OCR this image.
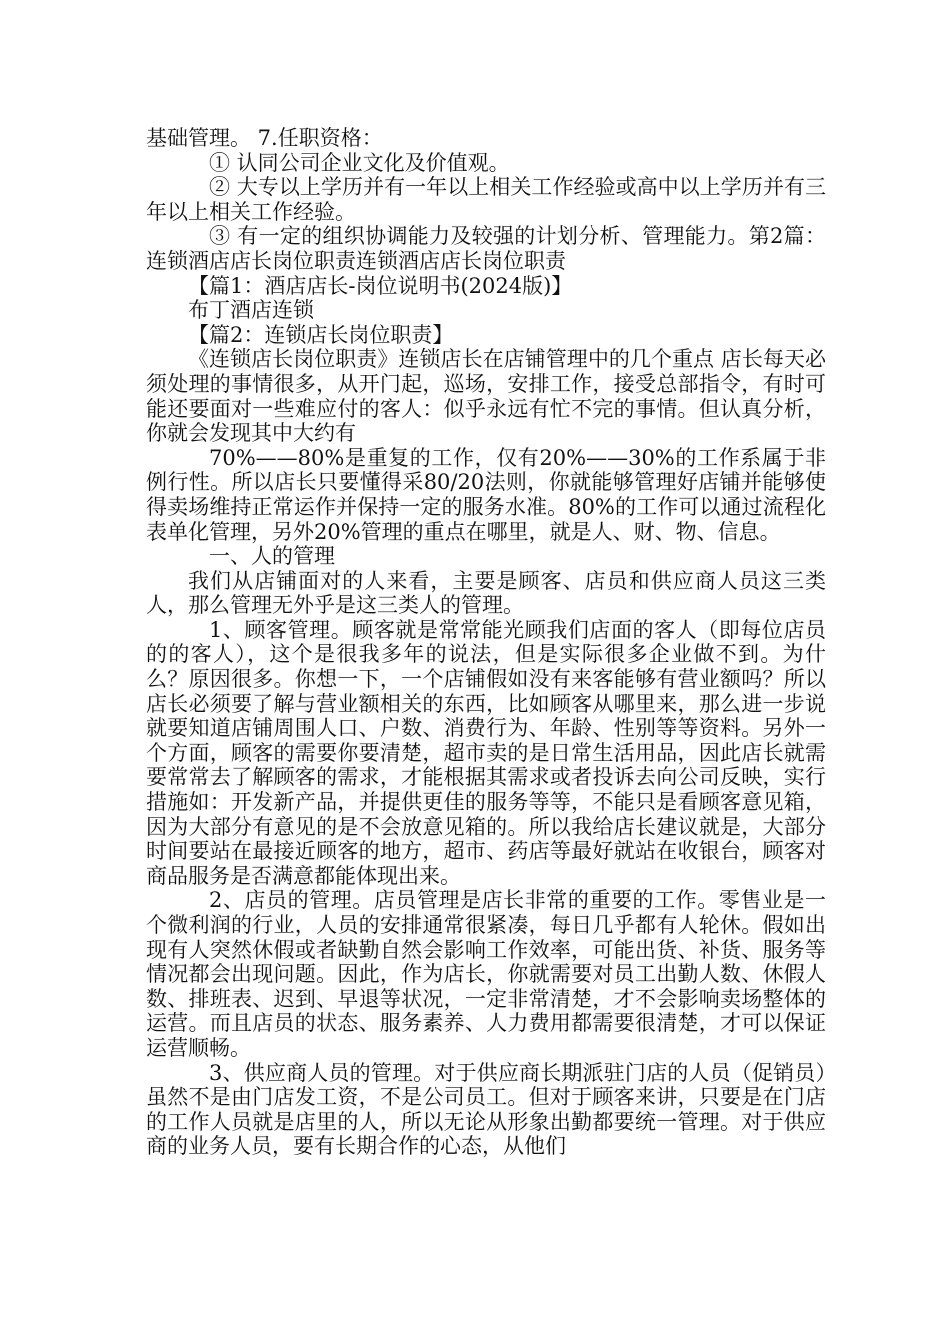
基础管理。 7.任职资格：

① 认同公司企业文化及价值观。

② 大专以上学历并有一年以上相关工作经验或高中以上学历并有三年以上相关工作经验。

③ 有一定的组织协调能力及较强的计划分析、管理能力。第2篇：连锁酒店店长岗位职责连锁酒店店长岗位职责

【篇1：酒店店长-岗位说明书(2024版)】

布丁酒店连锁

【篇2：连锁店长岗位职责】

《连锁店长岗位职责》连锁店长在店铺管理中的几个重点 店长每天必须处理的事情很多，从开门起，巡场，安排工作，接受总部指令，有时可能还要面对一些难应付的客人：似乎永远有忙不完的事情。但认真分析，你就会发现其中大约有

70%——80%是重复的工作，仅有20%——30%的工作系属于非例行性。所以店长只要懂得采80/20法则，你就能够管理好店铺并能够使得卖场维持正常运作并保持一定的服务水准。80%的工作可以通过流程化表单化管理，另外20%管理的重点在哪里，就是人、财、物、信息。

一、人的管理

我们从店铺面对的人来看，主要是顾客、店员和供应商人员这三类人，那么管理无外乎是这三类人的管理。

1、顾客管理。顾客就是常常能光顾我们店面的客人（即每位店员的的客人），这个是很我多年的说法，但是实际很多企业做不到。为什么？原因很多。你想一下，一个店铺假如没有来客能够有营业额吗？所以店长必须要了解与营业额相关的东西，比如顾客从哪里来，那么进一步说就要知道店铺周围人口、户数、消费行为、年龄、性别等等资料。另外一个方面，顾客的需要你要清楚，超市卖的是日常生活用品，因此店长就需要常常去了解顾客的需求，才能根据其需求或者投诉去向公司反映，实行措施如：开发新产品，并提供更佳的服务等等，不能只是看顾客意见箱，因为大部分有意见的是不会放意见箱的。所以我给店长建议就是，大部分时间要站在最接近顾客的地方，超市、药店等最好就站在收银台，顾客对商品服务是否满意都能体现出来。

2、店员的管理。店员管理是店长非常的重要的工作。零售业是一个微利润的行业，人员的安排通常很紧凑，每日几乎都有人轮休。假如出现有人突然休假或者缺勤自然会影响工作效率，可能出货、补货、服务等情况都会出现问题。因此，作为店长，你就需要对员工出勤人数、休假人数、排班表、迟到、早退等状况，一定非常清楚，才不会影响卖场整体的运营。而且店员的状态、服务素养、人力费用都需要很清楚，才可以保证运营顺畅。

3、供应商人员的管理。对于供应商长期派驻门店的人员（促销员）虽然不是由门店发工资，不是公司员工。但对于顾客来讲，只要是在门店的工作人员就是店里的人，所以无论从形象出勤都要统一管理。对于供应商的业务人员，要有长期合作的心态，从他们
